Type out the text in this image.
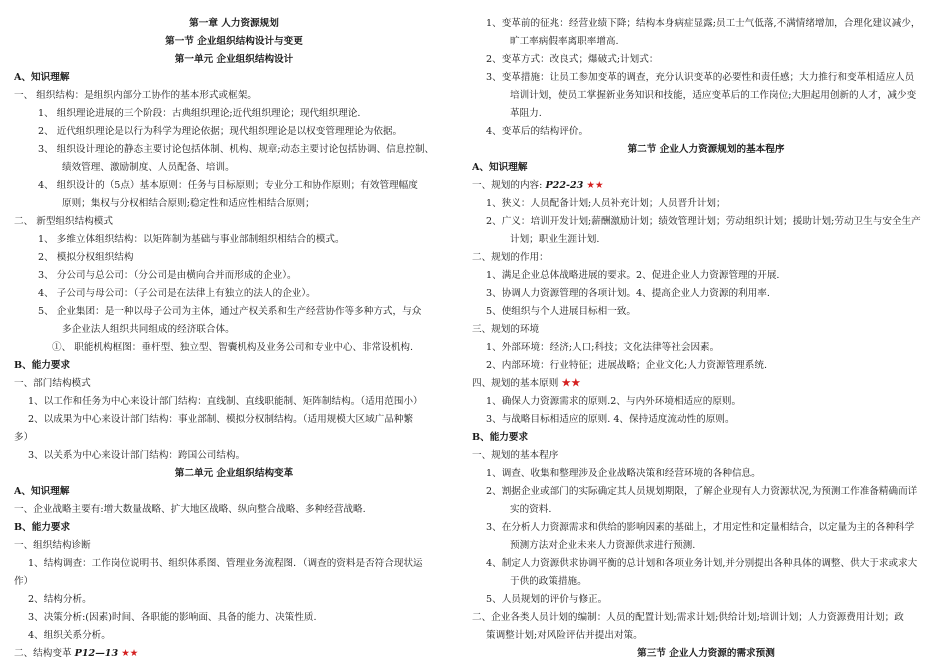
第一章 人力资源规划
第一节 企业组织结构设计与变更
第一单元 企业组织结构设计
A、知识理解
一、 组织结构：是组织内部分工协作的基本形式或框架。
1、 组织理论进展的三个阶段：古典组织理论;近代组织理论；现代组织理论.
2、 近代组织理论是以行为科学为理论依据；现代组织理论是以权变管理理论为依据。
3、 组织设计理论的静态主要讨论包括体制、机构、规章;动态主要讨论包括协调、信息控制、
绩效管理、激励制度、人员配备、培训。
4、 组织设计的（5点）基本原则：任务与目标原则；专业分工和协作原则；有效管理幅度
原则；集权与分权相结合原则;稳定性和适应性相结合原则；
二、 新型组织结构模式
1、 多维立体组织结构：以矩阵制为基础与事业部制组织相结合的模式。
2、 模拟分权组织结构
3、 分公司与总公司：（分公司是由横向合并而形成的企业）。
4、 子公司与母公司：（子公司是在法律上有独立的法人的企业）。
5、 企业集团：是一种以母子公司为主体，通过产权关系和生产经营协作等多种方式，与众
多企业法人组织共同组成的经济联合体。
①、 职能机构框图：垂杆型、独立型、智囊机构及业务公司和专业中心、非常设机构.
B、能力要求
一、部门结构模式
1、以工作和任务为中心来设计部门结构：直线制、直线职能制、矩阵制结构。（适用范围小）
2、以成果为中心来设计部门结构：事业部制、模拟分权制结构。（适用规模大区域广品种繁
多）
3、以关系为中心来设计部门结构：跨国公司结构。
第二单元 企业组织结构变革
A、知识理解
一、企业战略主要有:增大数量战略、扩大地区战略、纵向整合战略、多种经营战略.
B、能力要求
一、组织结构诊断
1、结构调查：工作岗位说明书、组织体系图、管理业务流程图．（调查的资料是否符合现状运
作）
2、结构分析。
3、决策分析:(因素)时间、各职能的影响面、具备的能力、决策性质.
4、组织关系分析。
二、结构变革 P12—13 ★★
1、变革前的征兆：经营业绩下降；结构本身病症显露;员工士气低落,不满情绪增加，合理化建议减少，
旷工率病假率离职率增高.
2、变革方式：改良式；爆破式;计划式：
3、变革措施：让员工参加变革的调查，充分认识变革的必要性和责任感；大力推行和变革相适应人员
培训计划，使员工掌握新业务知识和技能，适应变革后的工作岗位;大胆起用创新的人才，减少变
革阻力.
4、变革后的结构评价。
第二节 企业人力资源规划的基本程序
A、知识理解
一、规划的内容: P22-23 ★★
1、狭义：人员配备计划;人员补充计划；人员晋升计划；
2、广义：培训开发计划;薪酬激励计划；绩效管理计划；劳动组织计划；援助计划;劳动卫生与安全生产
计划；职业生涯计划.
二、规划的作用：
1、满足企业总体战略进展的要求。2、促进企业人力资源管理的开展.
3、协调人力资源管理的各项计划。4、提高企业人力资源的利用率.
5、使组织与个人进展目标相一致。
三、规划的环境
1、外部环境：经济;人口;科技；文化法律等社会因素。
2、内部环境：行业特征；进展战略；企业文化;人力资源管理系统.
四、规划的基本原则 ★★
1、确保人力资源需求的原则.2、与内外环境相适应的原则。
3、与战略目标相适应的原则. 4、保持适度流动性的原则。
B、能力要求
一、规划的基本程序
1、调查、收集和整理涉及企业战略决策和经营环境的各种信息。
2、割据企业或部门的实际确定其人员规划期限，了解企业现有人力资源状况,为预测工作准备精确而详
实的资料.
3、在分析人力资源需求和供给的影响因素的基础上，才用定性和定量相结合，以定量为主的各种科学
预测方法对企业未来人力资源供求进行预测.
4、制定人力资源供求协调平衡的总计划和各项业务计划,并分别提出各种具体的调整、供大于求或求大
于供的政策措施。
5、人员规划的评价与修正。
二、企业各类人员计划的编制：人员的配置计划;需求计划;供给计划;培训计划；人力资源费用计划；政
策调整计划;对风险评估并提出对策。
第三节 企业人力资源的需求预测
